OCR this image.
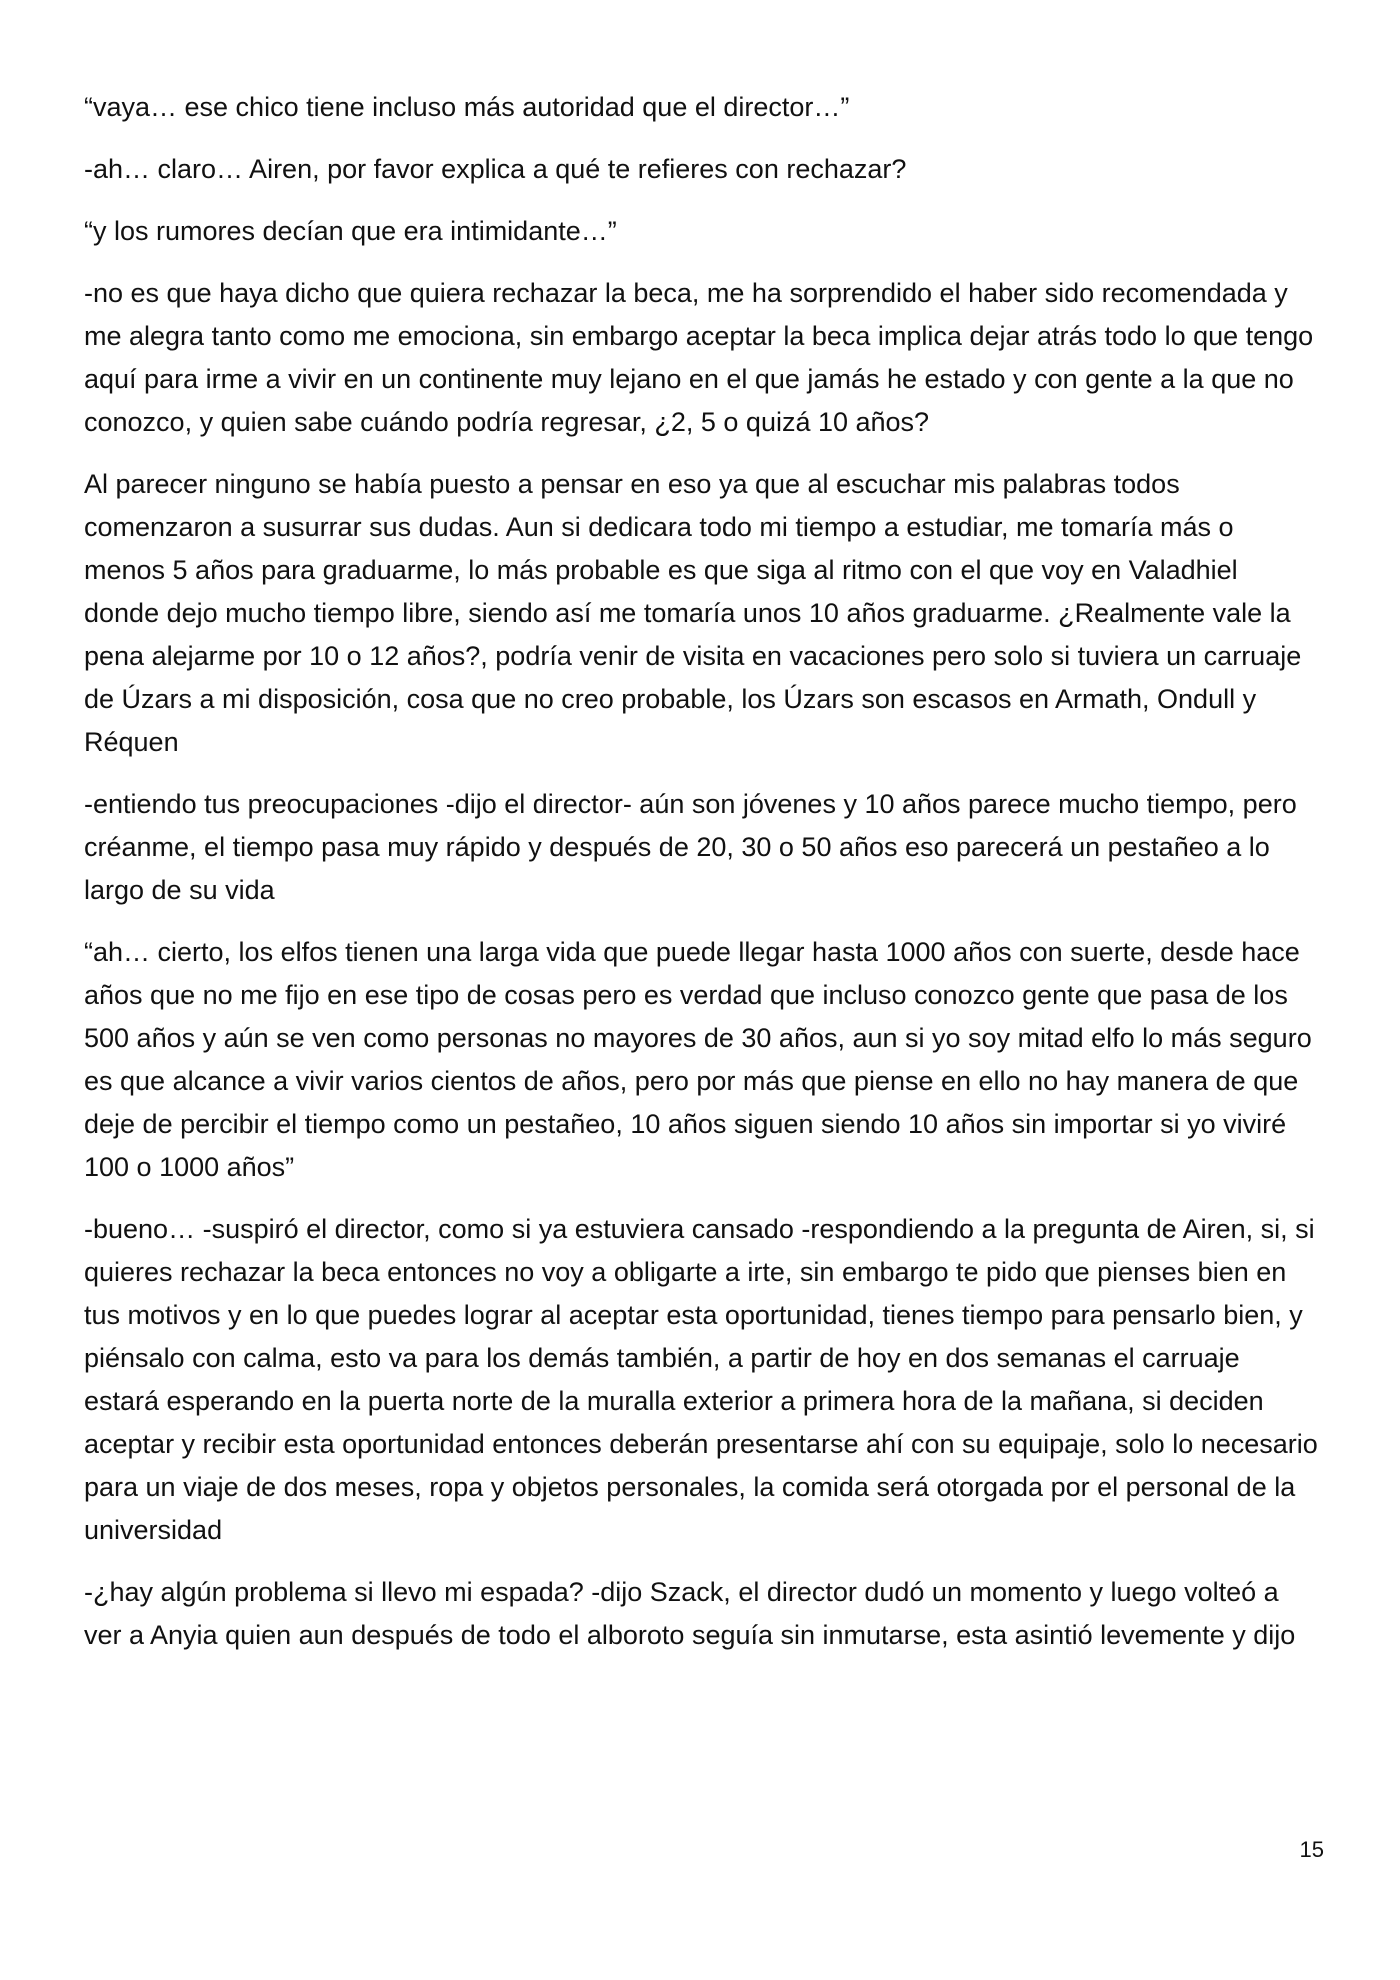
“vaya… ese chico tiene incluso más autoridad que el director…”

-ah… claro… Airen, por favor explica a qué te refieres con rechazar?

“y los rumores decían que era intimidante…”

-no es que haya dicho que quiera rechazar la beca, me ha sorprendido el haber sido recomendada y me alegra tanto como me emociona, sin embargo aceptar la beca implica dejar atrás todo lo que tengo aquí para irme a vivir en un continente muy lejano en el que jamás he estado y con gente a la que no conozco, y quien sabe cuándo podría regresar, ¿2, 5 o quizá 10 años?

Al parecer ninguno se había puesto a pensar en eso ya que al escuchar mis palabras todos comenzaron a susurrar sus dudas. Aun si dedicara todo mi tiempo a estudiar, me tomaría más o menos 5 años para graduarme, lo más probable es que siga al ritmo con el que voy en Valadhiel donde dejo mucho tiempo libre, siendo así me tomaría unos 10 años graduarme. ¿Realmente vale la pena alejarme por 10 o 12 años?, podría venir de visita en vacaciones pero solo si tuviera un carruaje de Úzars a mi disposición, cosa que no creo probable, los Úzars son escasos en Armath, Ondull y Réquen

-entiendo tus preocupaciones -dijo el director- aún son jóvenes y 10 años parece mucho tiempo, pero créanme, el tiempo pasa muy rápido y después de 20, 30 o 50 años eso parecerá un pestañeo a lo largo de su vida

“ah… cierto, los elfos tienen una larga vida que puede llegar hasta 1000 años con suerte, desde hace años que no me fijo en ese tipo de cosas pero es verdad que incluso conozco gente que pasa de los 500 años y aún se ven como personas no mayores de 30 años, aun si yo soy mitad elfo lo más seguro es que alcance a vivir varios cientos de años, pero por más que piense en ello no hay manera de que deje de percibir el tiempo como un pestañeo, 10 años siguen siendo 10 años sin importar si yo viviré 100 o 1000 años”

-bueno… -suspiró el director, como si ya estuviera cansado -respondiendo a la pregunta de Airen, si, si quieres rechazar la beca entonces no voy a obligarte a irte, sin embargo te pido que pienses bien en tus motivos y en lo que puedes lograr al aceptar esta oportunidad, tienes tiempo para pensarlo bien, y piénsalo con calma, esto va para los demás también, a partir de hoy en dos semanas el carruaje estará esperando en la puerta norte de la muralla exterior a primera hora de la mañana, si deciden aceptar y recibir esta oportunidad entonces deberán presentarse ahí con su equipaje, solo lo necesario para un viaje de dos meses, ropa y objetos personales, la comida será otorgada por el personal de la universidad

-¿hay algún problema si llevo mi espada? -dijo Szack, el director dudó un momento y luego volteó a ver a Anyia quien aun después de todo el alboroto seguía sin inmutarse, esta asintió levemente y dijo

15
